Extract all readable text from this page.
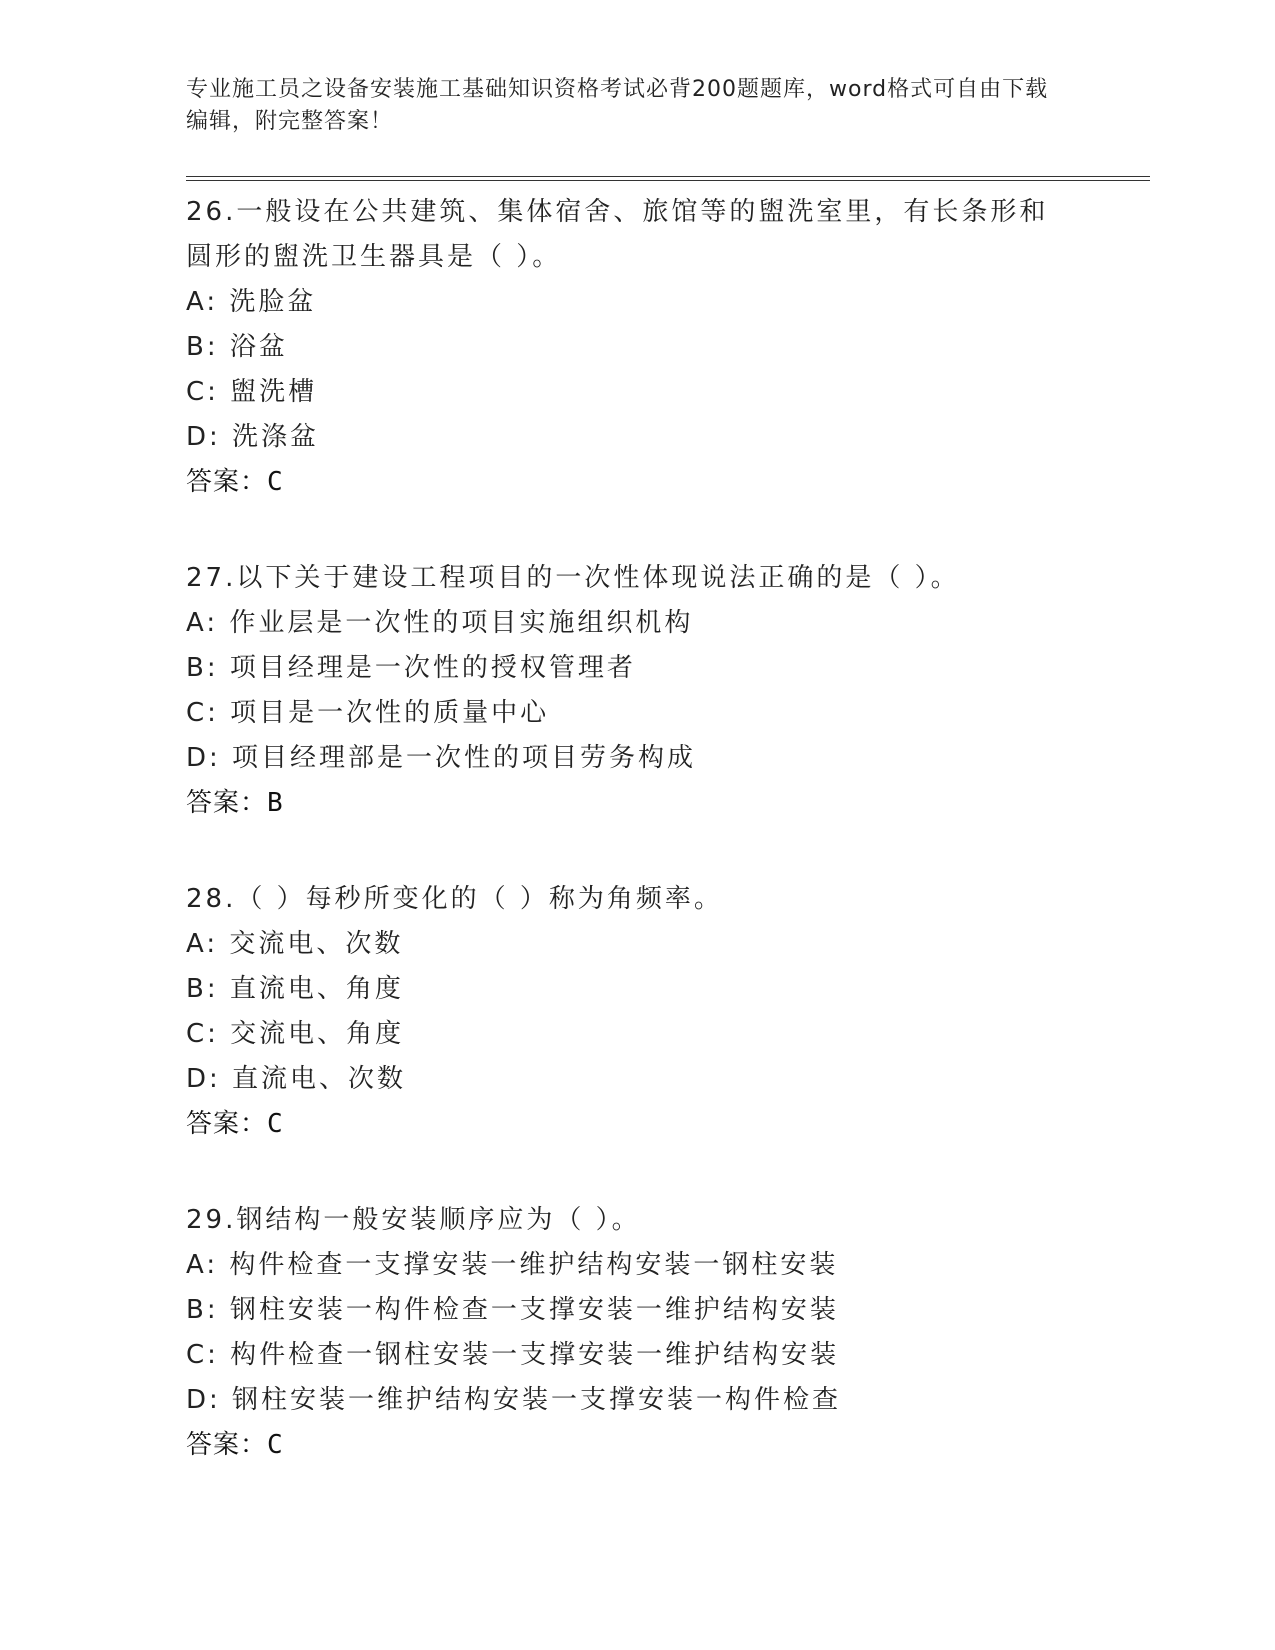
专业施工员之设备安装施工基础知识资格考试必背200题题库，word格式可自由下载编辑，附完整答案！
26.一般设在公共建筑、集体宿舍、旅馆等的盥洗室里，有长条形和圆形的盥洗卫生器具是（ ）。
A: 洗脸盆
B: 浴盆
C: 盥洗槽
D: 洗涤盆
答案：C
27.以下关于建设工程项目的一次性体现说法正确的是（ ）。
A: 作业层是一次性的项目实施组织机构
B: 项目经理是一次性的授权管理者
C: 项目是一次性的质量中心
D: 项目经理部是一次性的项目劳务构成
答案：B
28.（ ）每秒所变化的（ ）称为角频率。
A: 交流电、次数
B: 直流电、角度
C: 交流电、角度
D: 直流电、次数
答案：C
29.钢结构一般安装顺序应为（ ）。
A: 构件检查一支撑安装一维护结构安装一钢柱安装
B: 钢柱安装一构件检查一支撑安装一维护结构安装
C: 构件检查一钢柱安装一支撑安装一维护结构安装
D: 钢柱安装一维护结构安装一支撑安装一构件检查
答案：C
